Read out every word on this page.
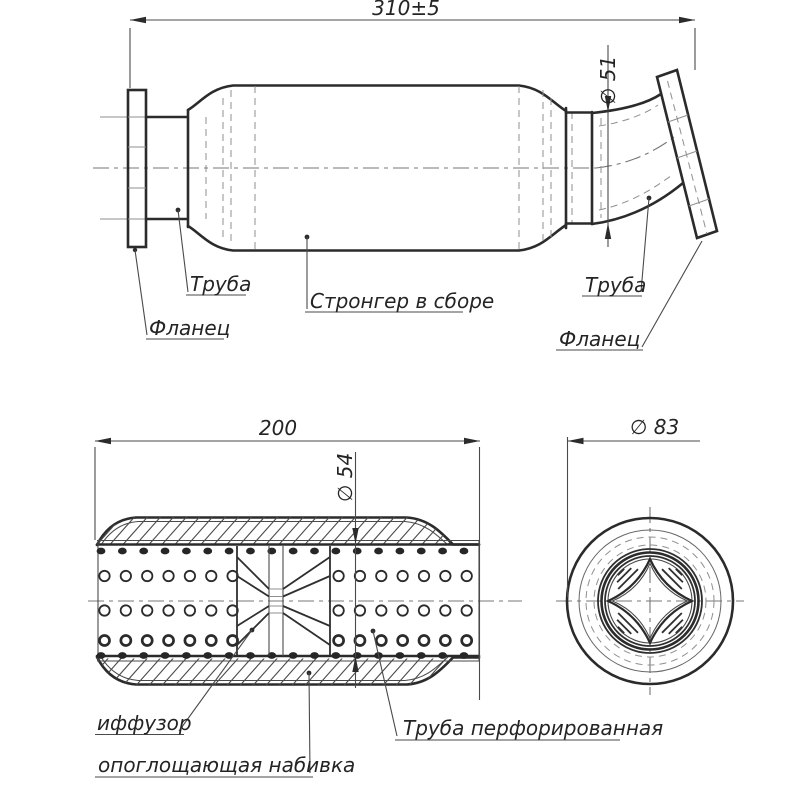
310±5
∅ 51
Труба
Фланец
Стронгер в сборе
Труба
Фланец
200
∅ 54
иффузор
опоглощающая набивка
Труба перфорированная
∅ 83
